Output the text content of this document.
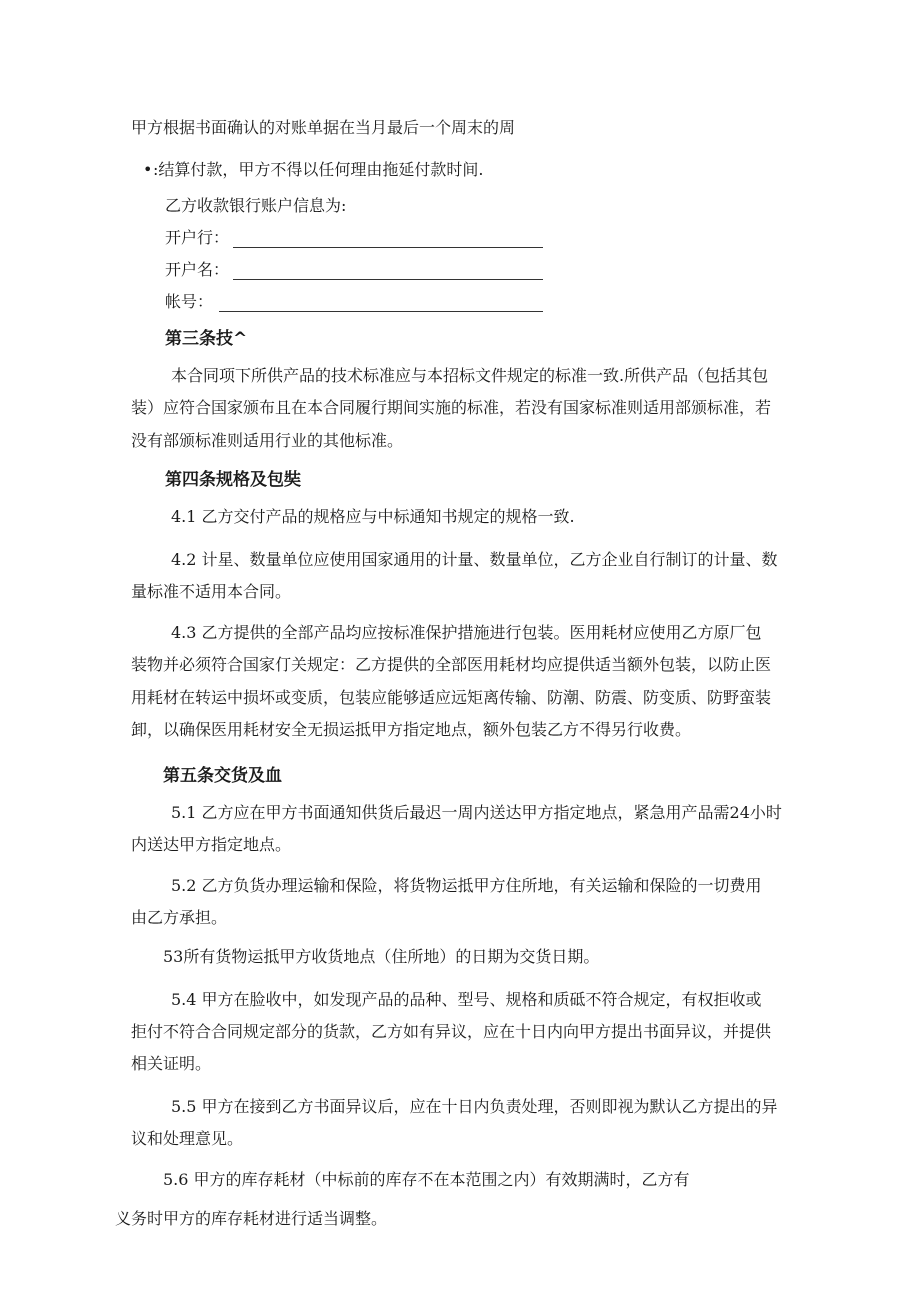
甲方根据书面确认的对账单据在当月最后一个周末的周
• :结算付款，甲方不得以任何理由拖延付款时间.
乙方收款银行账户信息为:
开户行：
开户名：
帐号：
第三条技^
本合同项下所供产品的技术标准应与本招标文件规定的标准一致.所供产品（包括其包
装）应符合国家颁布且在本合同履行期间实施的标准，若没有国家标准则适用部颁标准，若
没有部颁标准则适用行业的其他标准。
第四条规格及包奘
4.1 乙方交付产品的规格应与中标通知书规定的规格一致.
4.2 计星、数量单位应使用国家通用的计量、数量单位，乙方企业自行制订的计量、数
量标准不适用本合同。
4.3 乙方提供的全部产品均应按标准保护措施进行包装。医用耗材应使用乙方原厂包
装物并必须符合国家仃关规定：乙方提供的全部医用耗材均应提供适当额外包装，以防止医
用耗材在转运中损坏或变质，包装应能够适应远矩离传输、防潮、防震、防变质、防野蛮装
卸，以确保医用耗材安全无损运抵甲方指定地点，额外包装乙方不得另行收费。
第五条交货及血
5.1 乙方应在甲方书面通知供货后最迟一周内送达甲方指定地点，紧急用产品需24小时
内送达甲方指定地点。
5.2 乙方负货办理运输和保险，将货物运抵甲方住所地，有关运输和保险的一切费用
由乙方承担。
53所有货物运抵甲方收货地点（住所地）的日期为交货日期。
5.4 甲方在脸收中，如发现产品的品种、型号、规格和质砥不符合规定，有权拒收或
拒付不符合合同规定部分的货款，乙方如有异议，应在十日内向甲方提出书面异议，并提供
相关证明。
5.5 甲方在接到乙方书面异议后，应在十日内负责处理，否则即视为默认乙方提出的异
议和处理意见。
5.6 甲方的库存耗材（中标前的库存不在本范围之内）有效期满时，乙方有
义务时甲方的库存耗材进行适当调整。
